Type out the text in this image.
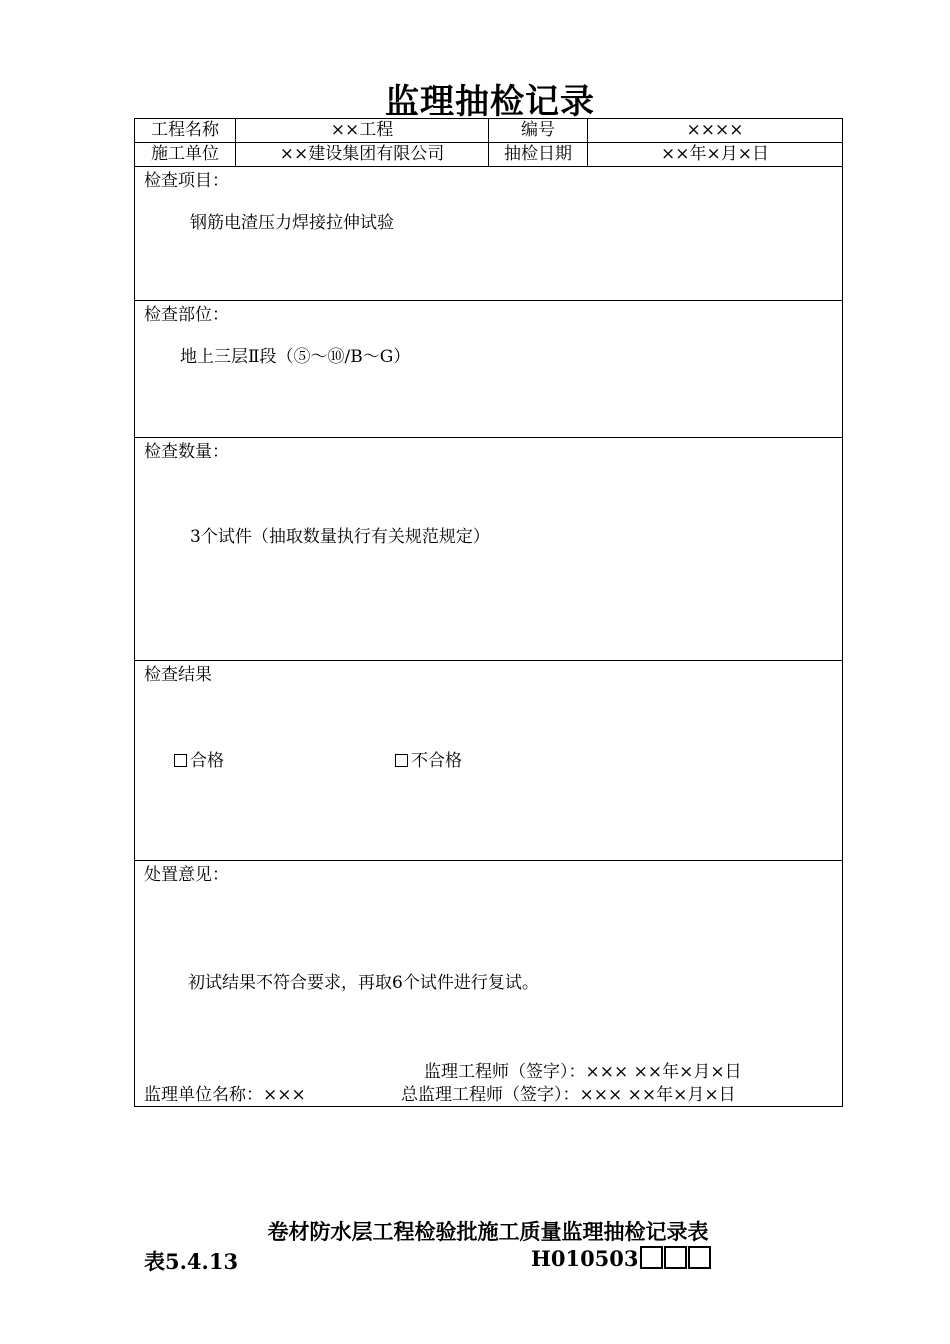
监理抽检记录
工程名称	××工程	编号	××××
施工单位	××建设集团有限公司	抽检日期	××年×月×日

检查项目：
钢筋电渣压力焊接拉伸试验			

检查部位：
地上三层Ⅱ段（⑤～⑩/B～G）			

检查数量：
3个试件（抽取数量执行有关规范规定）			

检查结果
合格 不合格			

处置意见：
初试结果不符合要求，再取6个试件进行复试。
监理工程师（签字）：××× ××年×月×日
监理单位名称：××× 总监理工程师（签字）：××× ××年×月×日			
卷材防水层工程检验批施工质量监理抽检记录表
表5.4.13	H010503
